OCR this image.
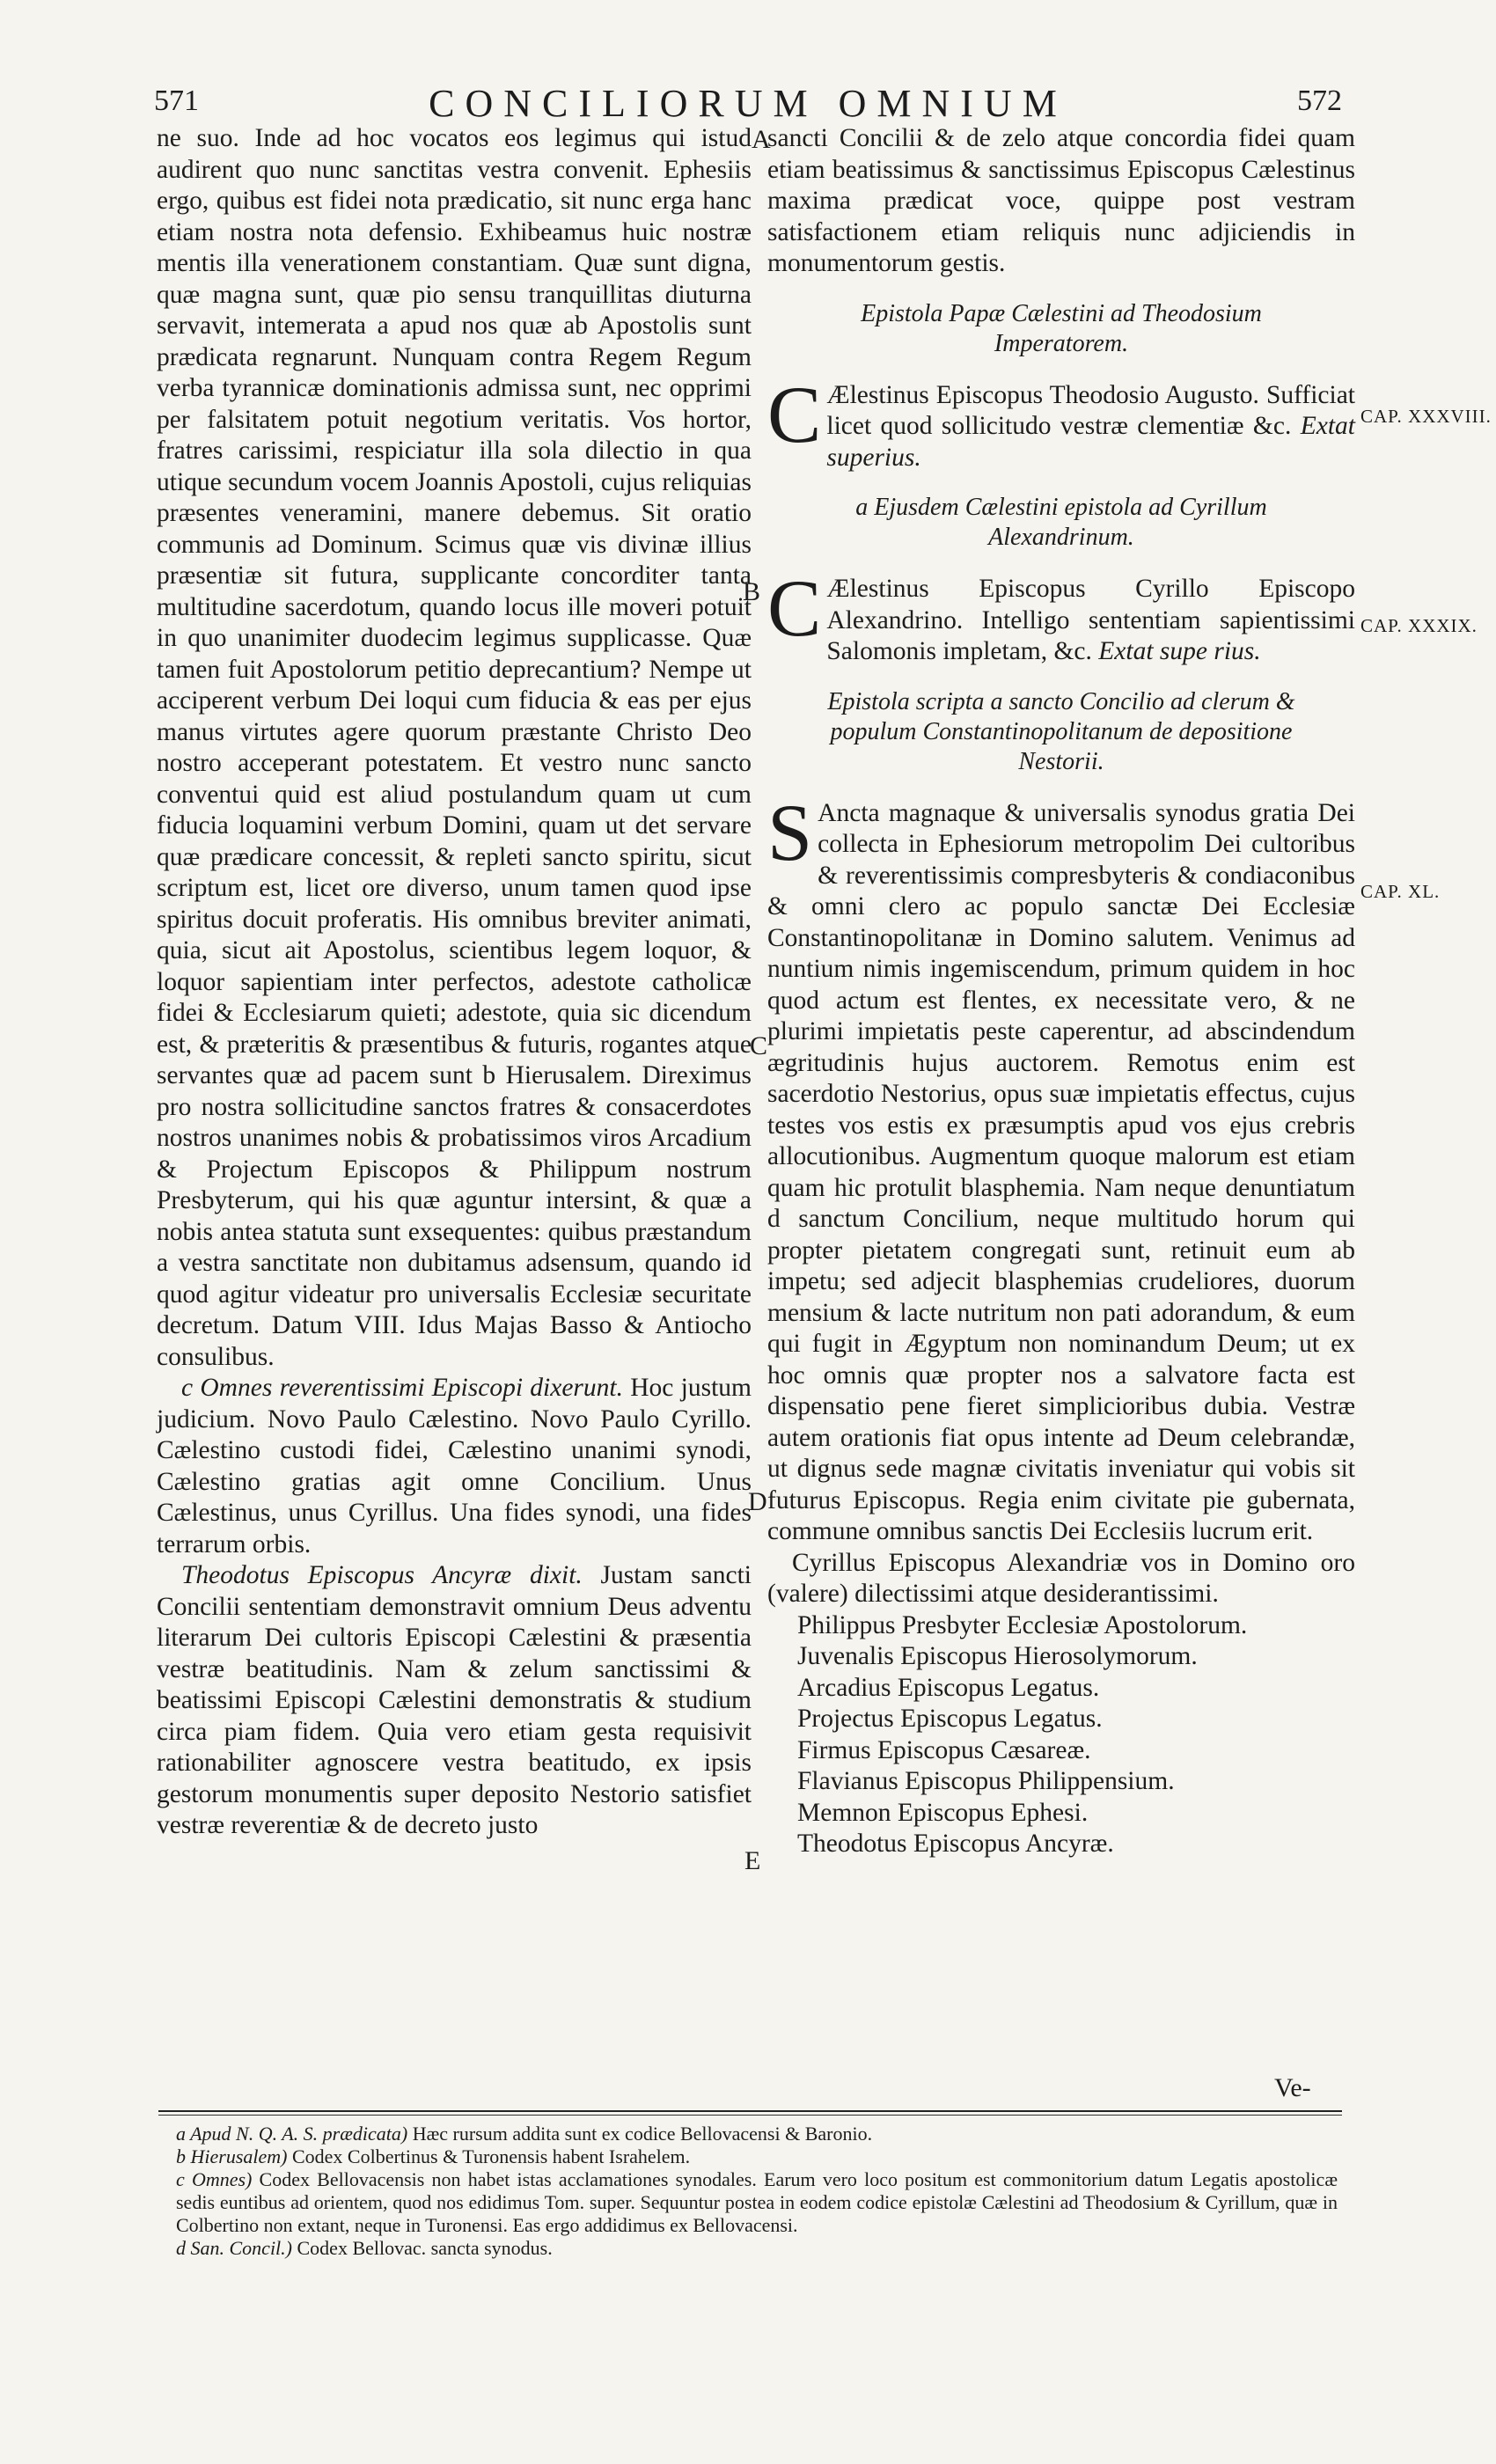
571	CONCILIORUM OMNIUM	572

ne suo. Inde ad hoc vocatos eos legimus qui istud audirent quo nunc sanctitas vestra convenit. Ephesiis ergo, quibus est fidei nota prædicatio, sit nunc erga hanc etiam nostra nota defensio. Exhibeamus huic nostræ mentis illa venerationem constantiam. Quæ sunt digna, quæ magna sunt, quæ pio sensu tranquillitas diuturna servavit, intemerata a apud nos quæ ab Apostolis sunt prædicata regnarunt. Nunquam contra Regem Regum verba tyrannicæ dominationis admissa sunt, nec opprimi per falsitatem potuit negotium veritatis. Vos hortor, fratres carissimi, respiciatur illa sola dilectio in qua utique secundum vocem Joannis Apostoli, cujus reliquias præsentes veneramini, manere debemus. Sit oratio communis ad Dominum. Scimus quæ vis divinæ illius præsentiæ sit futura, supplicante concorditer tanta multitudine sacerdotum, quando locus ille moveri potuit in quo unanimiter duodecim legimus supplicasse. Quæ tamen fuit Apostolorum petitio deprecantium? Nempe ut acciperent verbum Dei loqui cum fiducia & eas per ejus manus virtutes agere quorum præstante Christo Deo nostro acceperant potestatem. Et vestro nunc sancto conventui quid est aliud postulandum quam ut cum fiducia loquamini verbum Domini, quam ut det servare quæ prædicare concessit, & repleti sancto spiritu, sicut scriptum est, licet ore diverso, unum tamen quod ipse spiritus docuit proferatis. His omnibus breviter animati, quia, sicut ait Apostolus, scientibus legem loquor, & loquor sapientiam inter perfectos, adestote catholicæ fidei & Ecclesiarum quieti; adestote, quia sic dicendum est, & præteritis & præsentibus & futuris, rogantes atque servantes quæ ad pacem sunt b Hierusalem. Direximus pro nostra sollicitudine sanctos fratres & consacerdotes nostros unanimes nobis & probatissimos viros Arcadium & Projectum Episcopos & Philippum nostrum Presbyterum, qui his quæ aguntur intersint, & quæ a nobis antea statuta sunt exsequentes: quibus præstandum a vestra sanctitate non dubitamus adsensum, quando id quod agitur videatur pro universalis Ecclesiæ securitate decretum. Datum VIII. Idus Majas Basso & Antiocho consulibus.

c Omnes reverentissimi Episcopi dixerunt. Hoc justum judicium. Novo Paulo Cælestino. Novo Paulo Cyrillo. Cælestino custodi fidei, Cælestino unanimi synodi, Cælestino gratias agit omne Concilium. Unus Cælestinus, unus Cyrillus. Una fides synodi, una fides terrarum orbis.

Theodotus Episcopus Ancyræ dixit. Justam sancti Concilii sententiam demonstravit omnium Deus adventu literarum Dei cultoris Episcopi Cælestini & præsentia vestræ beatitudinis. Nam & zelum sanctissimi & beatissimi Episcopi Cælestini demonstratis & studium circa piam fidem. Quia vero etiam gesta requisivit rationabiliter agnoscere vestra beatitudo, ex ipsis gestorum monumentis super deposito Nestorio satisfiet vestræ reverentiæ & de decreto justo

sancti Concilii & de zelo atque concordia fidei quam etiam beatissimus & sanctissimus Episcopus Cælestinus maxima prædicat voce, quippe post vestram satisfactionem etiam reliquis nunc adjiciendis in monumentorum gestis.

Epistola Papæ Cælestini ad Theodosium Imperatorem.

C Ælestinus Episcopus Theodosio Augusto. Sufficiat licet quod sollicitudo vestræ clementiæ &c. Extat superius.

a Ejusdem Cælestini epistola ad Cyrillum Alexandrinum.

C Ælestinus Episcopus Cyrillo Episcopo Alexandrino. Intelligo sententiam sapientissimi Salomonis impletam, &c. Extat supe rius.

Epistola scripta a sancto Concilio ad clerum & populum Constantinopolitanum de depositione Nestorii.

S Ancta magnaque & universalis synodus gratia Dei collecta in Ephesiorum metropolim Dei cultoribus & reverentissimis compresbyteris & condiaconibus & omni clero ac populo sanctæ Dei Ecclesiæ Constantinopolitanæ in Domino salutem. Venimus ad nuntium nimis ingemiscendum, primum quidem in hoc quod actum est flentes, ex necessitate vero, & ne plurimi impietatis peste caperentur, ad abscindendum ægritudinis hujus auctorem. Remotus enim est sacerdotio Nestorius, opus suæ impietatis effectus, cujus testes vos estis ex præsumptis apud vos ejus crebris allocutionibus. Augmentum quoque malorum est etiam quam hic protulit blasphemia. Nam neque denuntiatum d sanctum Concilium, neque multitudo horum qui propter pietatem congregati sunt, retinuit eum ab impetu; sed adjecit blasphemias crudeliores, duorum mensium & lacte nutritum non pati adorandum, & eum qui fugit in Ægyptum non nominandum Deum; ut ex hoc omnis quæ propter nos a salvatore facta est dispensatio pene fieret simplicioribus dubia. Vestræ autem orationis fiat opus intente ad Deum celebrandæ, ut dignus sede magnæ civitatis inveniatur qui vobis sit futurus Episcopus. Regia enim civitate pie gubernata, commune omnibus sanctis Dei Ecclesiis lucrum erit.

Cyrillus Episcopus Alexandriæ vos in Domino oro (valere) dilectissimi atque desiderantissimi.

Philippus Presbyter Ecclesiæ Apostolorum.

Juvenalis Episcopus Hierosolymorum.

Arcadius Episcopus Legatus.

Projectus Episcopus Legatus.

Firmus Episcopus Cæsareæ.

Flavianus Episcopus Philippensium.

Memnon Episcopus Ephesi.

Theodotus Episcopus Ancyræ.

A
B
C
D
E
CAP. XXXVIII.
CAP. XXXIX.
CAP. XL.
Ve-

a Apud N. Q. A. S. prædicata) Hæc rursum addita sunt ex codice Bellovacensi & Baronio.

b Hierusalem) Codex Colbertinus & Turonensis habent Israhelem.

c Omnes) Codex Bellovacensis non habet istas acclamationes synodales. Earum vero loco positum est commonitorium datum Legatis apostolicæ sedis euntibus ad orientem, quod nos edidimus Tom. super. Sequuntur postea in eodem codice epistolæ Cælestini ad Theodosium & Cyrillum, quæ in Colbertino non extant, neque in Turonensi. Eas ergo addidimus ex Bellovacensi.

d San. Concil.) Codex Bellovac. sancta synodus.
